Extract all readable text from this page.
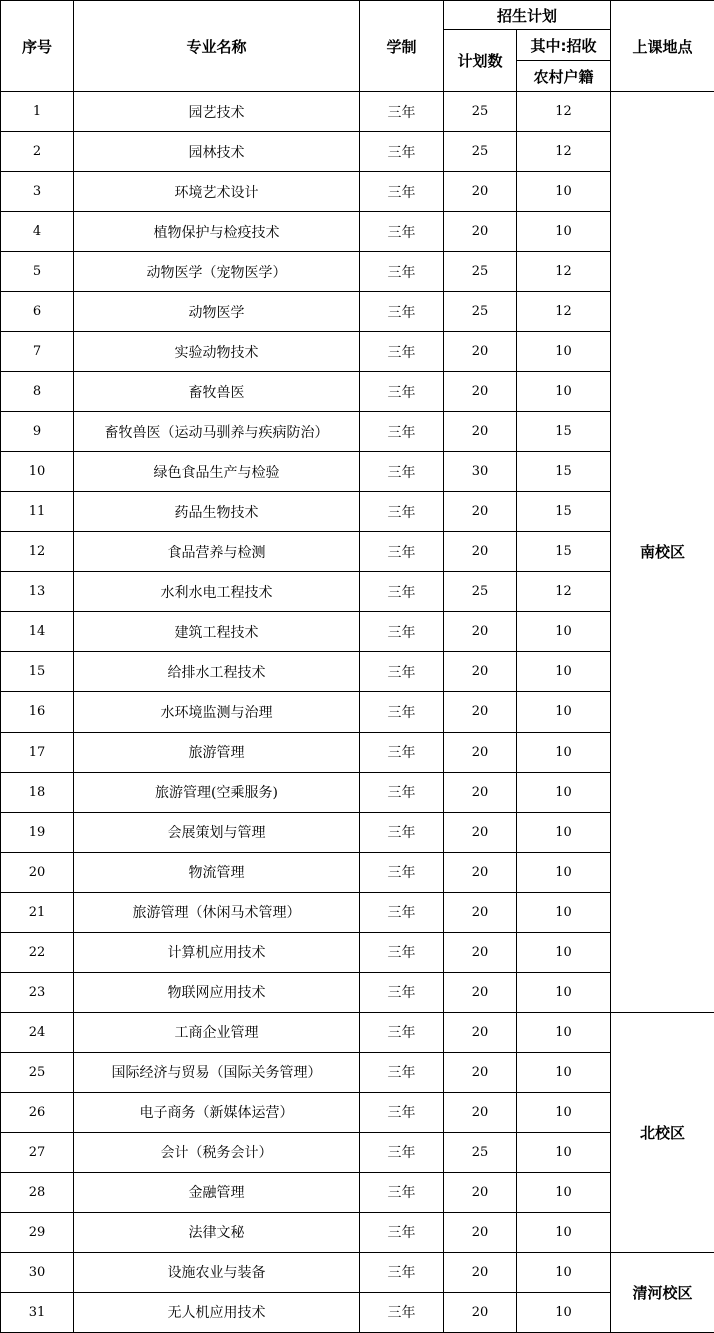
序号	专业名称	学制	招生计划		上课地点
			计划数	其中:招收	
				农村户籍	
1	园艺技术	三年	25	12	南校区
2	园林技术	三年	25	12	
3	环境艺术设计	三年	20	10	
4	植物保护与检疫技术	三年	20	10	
5	动物医学（宠物医学）	三年	25	12	
6	动物医学	三年	25	12	
7	实验动物技术	三年	20	10	
8	畜牧兽医	三年	20	10	
9	畜牧兽医（运动马驯养与疾病防治）	三年	20	15	
10	绿色食品生产与检验	三年	30	15	
11	药品生物技术	三年	20	15	
12	食品营养与检测	三年	20	15	
13	水利水电工程技术	三年	25	12	
14	建筑工程技术	三年	20	10	
15	给排水工程技术	三年	20	10	
16	水环境监测与治理	三年	20	10	
17	旅游管理	三年	20	10	
18	旅游管理(空乘服务)	三年	20	10	
19	会展策划与管理	三年	20	10	
20	物流管理	三年	20	10	
21	旅游管理（休闲马术管理）	三年	20	10	
22	计算机应用技术	三年	20	10	
23	物联网应用技术	三年	20	10	
24	工商企业管理	三年	20	10	北校区
25	国际经济与贸易（国际关务管理）	三年	20	10	
26	电子商务（新媒体运营）	三年	20	10	
27	会计（税务会计）	三年	25	10	
28	金融管理	三年	20	10	
29	法律文秘	三年	20	10	
30	设施农业与装备	三年	20	10	清河校区
31	无人机应用技术	三年	20	10	
